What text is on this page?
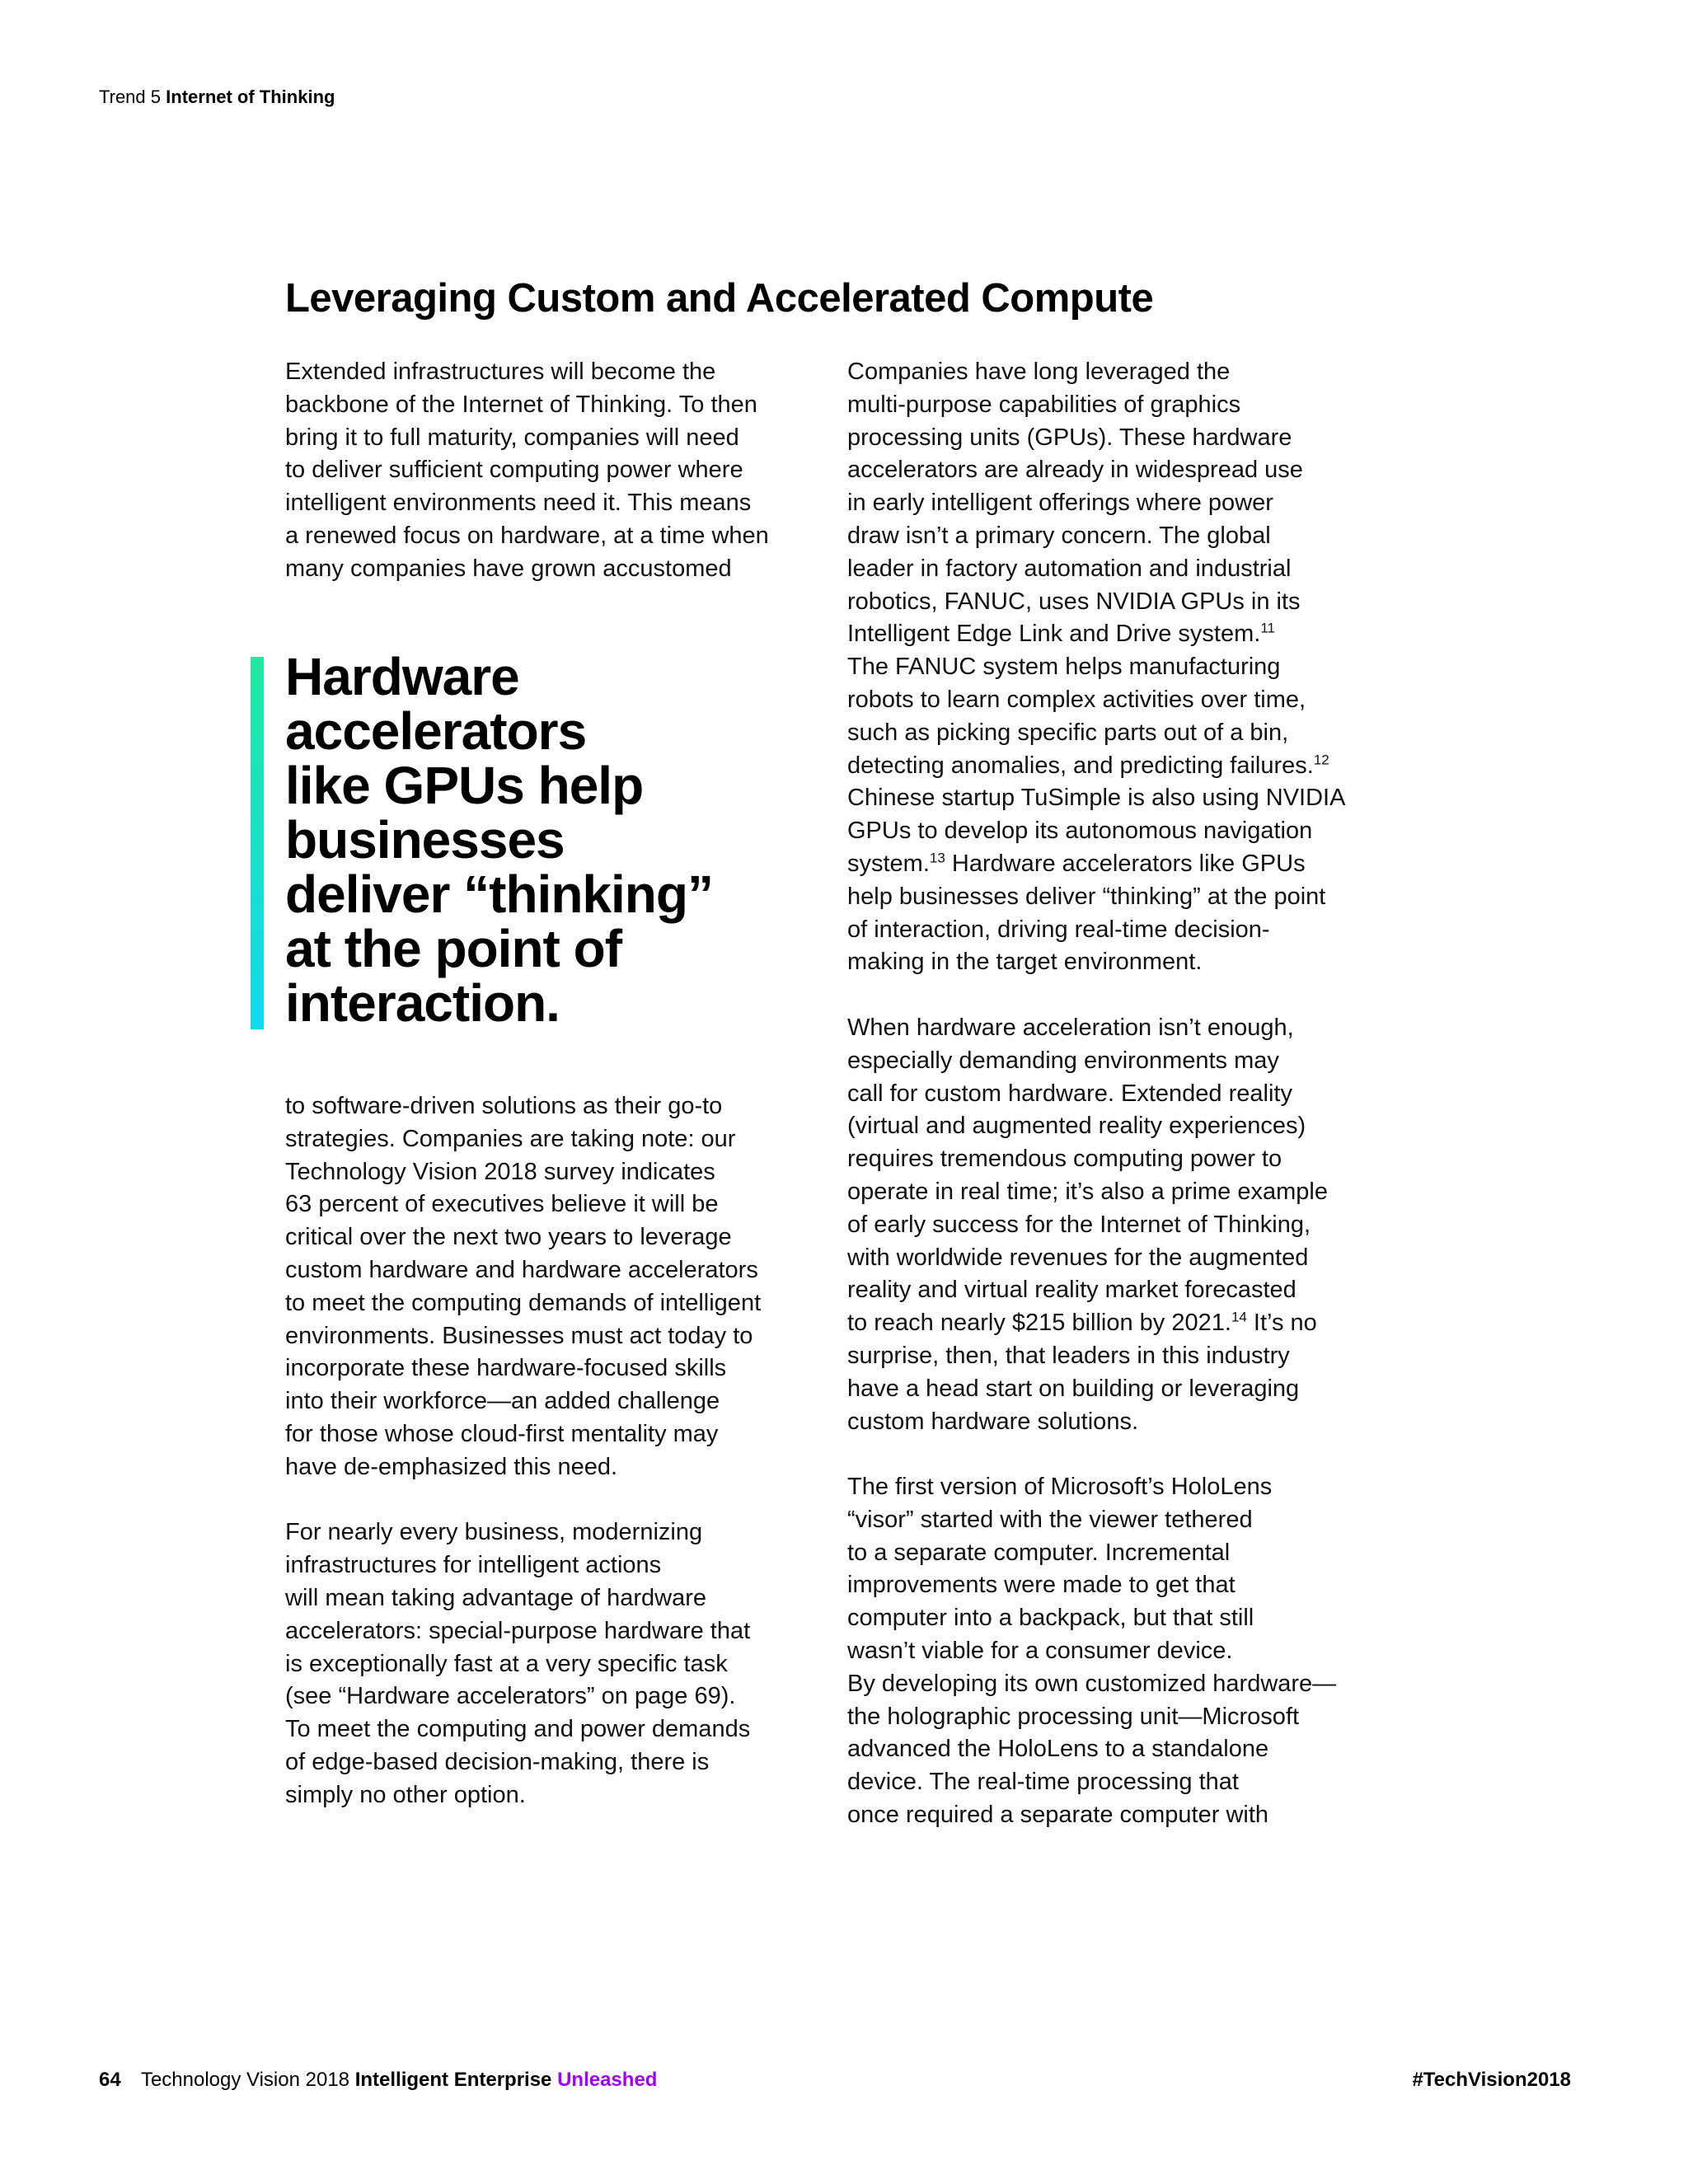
Trend 5 Internet of Thinking
Leveraging Custom and Accelerated Compute

Extended infrastructures will become the
backbone of the Internet of Thinking. To then
bring it to full maturity, companies will need
to deliver sufficient computing power where
intelligent environments need it. This means
a renewed focus on hardware, at a time when
many companies have grown accustomed

Hardware
accelerators
like GPUs help
businesses
deliver “thinking”
at the point of
interaction.

to software-driven solutions as their go-to
strategies. Companies are taking note: our
Technology Vision 2018 survey indicates
63 percent of executives believe it will be
critical over the next two years to leverage
custom hardware and hardware accelerators
to meet the computing demands of intelligent
environments. Businesses must act today to
incorporate these hardware-focused skills
into their workforce—an added challenge
for those whose cloud-first mentality may
have de-emphasized this need.

For nearly every business, modernizing
infrastructures for intelligent actions
will mean taking advantage of hardware
accelerators: special-purpose hardware that
is exceptionally fast at a very specific task
(see “Hardware accelerators” on page 69).
To meet the computing and power demands
of edge-based decision-making, there is
simply no other option.

Companies have long leveraged the
multi-purpose capabilities of graphics
processing units (GPUs). These hardware
accelerators are already in widespread use
in early intelligent offerings where power
draw isn’t a primary concern. The global
leader in factory automation and industrial
robotics, FANUC, uses NVIDIA GPUs in its
Intelligent Edge Link and Drive system.$^{11}$
The FANUC system helps manufacturing
robots to learn complex activities over time,
such as picking specific parts out of a bin,
detecting anomalies, and predicting failures.$^{12}$
Chinese startup TuSimple is also using NVIDIA
GPUs to develop its autonomous navigation
system.$^{13}$ Hardware accelerators like GPUs
help businesses deliver “thinking” at the point
of interaction, driving real-time decision-
making in the target environment.

When hardware acceleration isn’t enough,
especially demanding environments may
call for custom hardware. Extended reality
(virtual and augmented reality experiences)
requires tremendous computing power to
operate in real time; it’s also a prime example
of early success for the Internet of Thinking,
with worldwide revenues for the augmented
reality and virtual reality market forecasted
to reach nearly $215 billion by 2021.14 It’s no
surprise, then, that leaders in this industry
have a head start on building or leveraging
custom hardware solutions.

The first version of Microsoft’s HoloLens
“visor” started with the viewer tethered
to a separate computer. Incremental
improvements were made to get that
computer into a backpack, but that still
wasn’t viable for a consumer device.
By developing its own customized hardware—
the holographic processing unit—Microsoft
advanced the HoloLens to a standalone
device. The real-time processing that
once required a separate computer with

64 Technology Vision 2018 Intelligent Enterprise Unleashed	#TechVision2018
